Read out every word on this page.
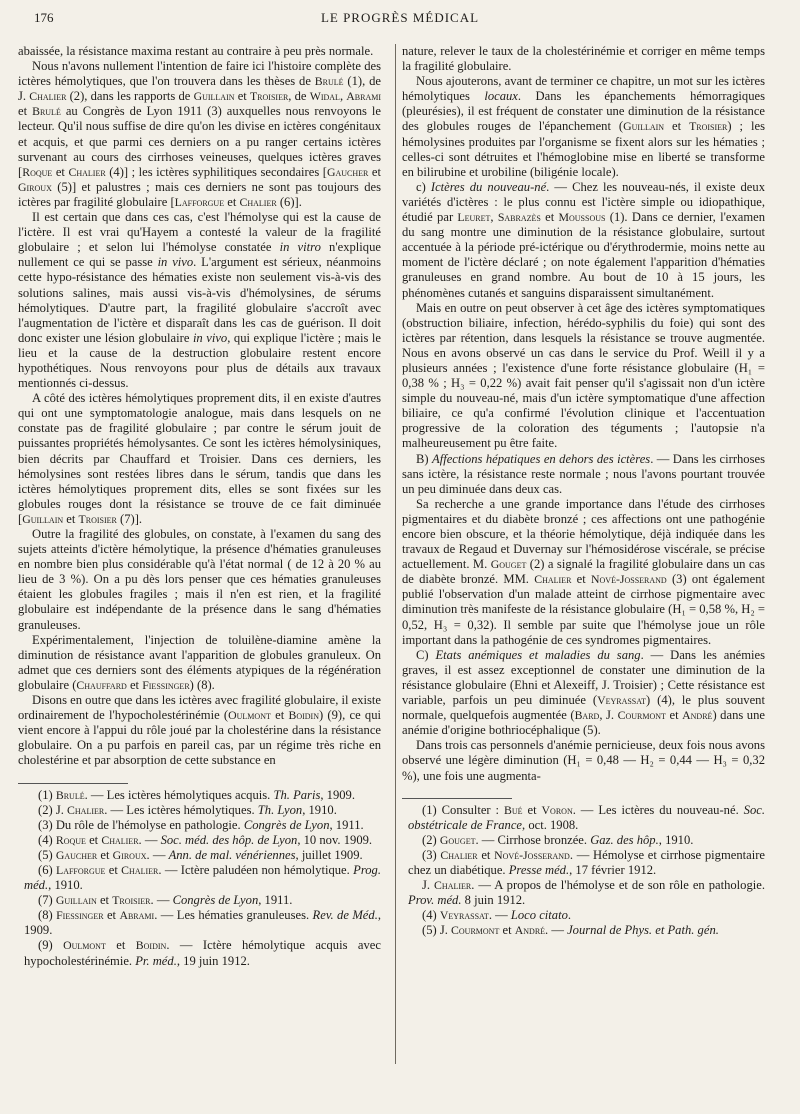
176	LE PROGRÈS MÉDICAL

abaissée, la résistance maxima restant au contraire à peu près normale.

Nous n'avons nullement l'intention de faire ici l'histoire complète des ictères hémolytiques, que l'on trouvera dans les thèses de Brulé (1), de J. Chalier (2), dans les rapports de Guillain et Troisier, de Widal, Abrami et Brulé au Congrès de Lyon 1911 (3) auxquelles nous renvoyons le lecteur. Qu'il nous suffise de dire qu'on les divise en ictères congénitaux et acquis, et que parmi ces derniers on a pu ranger certains ictères survenant au cours des cirrhoses veineuses, quelques ictères graves [Roque et Chalier (4)] ; les ictères syphilitiques secondaires [Gaucher et Giroux (5)] et palustres ; mais ces derniers ne sont pas toujours des ictères par fragilité globulaire [Lafforgue et Chalier (6)].

Il est certain que dans ces cas, c'est l'hémolyse qui est la cause de l'ictère. Il est vrai qu'Hayem a contesté la valeur de la fragilité globulaire ; et selon lui l'hémolyse constatée in vitro n'explique nullement ce qui se passe in vivo. L'argument est sérieux, néanmoins cette hypo-résistance des hématies existe non seulement vis-à-vis des solutions salines, mais aussi vis-à-vis d'hémolysines, de sérums hémolytiques. D'autre part, la fragilité globulaire s'accroît avec l'augmentation de l'ictère et disparaît dans les cas de guérison. Il doit donc exister une lésion globulaire in vivo, qui explique l'ictère ; mais le lieu et la cause de la destruction globulaire restent encore hypothétiques. Nous renvoyons pour plus de détails aux travaux mentionnés ci-dessus.

A côté des ictères hémolytiques proprement dits, il en existe d'autres qui ont une symptomatologie analogue, mais dans lesquels on ne constate pas de fragilité globulaire ; par contre le sérum jouit de puissantes propriétés hémolysantes. Ce sont les ictères hémolysiniques, bien décrits par Chauffard et Troisier. Dans ces derniers, les hémolysines sont restées libres dans le sérum, tandis que dans les ictères hémolytiques proprement dits, elles se sont fixées sur les globules rouges dont la résistance se trouve de ce fait diminuée [Guillain et Troisier (7)].

Outre la fragilité des globules, on constate, à l'examen du sang des sujets atteints d'ictère hémolytique, la présence d'hématies granuleuses en nombre bien plus considérable qu'à l'état normal ( de 12 à 20 % au lieu de 3 %). On a pu dès lors penser que ces hématies granuleuses étaient les globules fragiles ; mais il n'en est rien, et la fragilité globulaire est indépendante de la présence dans le sang d'hématies granuleuses.

Expérimentalement, l'injection de toluilène-diamine amène la diminution de résistance avant l'apparition de globules granuleux. On admet que ces derniers sont des éléments atypiques de la régénération globulaire (Chauffard et Fiessinger) (8).

Disons en outre que dans les ictères avec fragilité globulaire, il existe ordinairement de l'hypocholestérinémie (Oulmont et Boidin) (9), ce qui vient encore à l'appui du rôle joué par la cholestérine dans la résistance globulaire. On a pu parfois en pareil cas, par un régime très riche en cholestérine et par absorption de cette substance en

(1) Brulé. — Les ictères hémolytiques acquis. Th. Paris, 1909.

(2) J. Chalier. — Les ictères hémolytiques. Th. Lyon, 1910.

(3) Du rôle de l'hémolyse en pathologie. Congrès de Lyon, 1911.

(4) Roque et Chalier. — Soc. méd. des hôp. de Lyon, 10 nov. 1909.

(5) Gaucher et Giroux. — Ann. de mal. vénériennes, juillet 1909.

(6) Lafforgue et Chalier. — Ictère paludéen non hémolytique. Prog. méd., 1910.

(7) Guillain et Troisier. — Congrès de Lyon, 1911.

(8) Fiessinger et Abrami. — Les hématies granuleuses. Rev. de Méd., 1909.

(9) Oulmont et Boidin. — Ictère hémolytique acquis avec hypocholestérinémie. Pr. méd., 19 juin 1912.

nature, relever le taux de la cholestérinémie et corriger en même temps la fragilité globulaire.

Nous ajouterons, avant de terminer ce chapitre, un mot sur les ictères hémolytiques locaux. Dans les épanchements hémorragiques (pleurésies), il est fréquent de constater une diminution de la résistance des globules rouges de l'épanchement (Guillain et Troisier) ; les hémolysines produites par l'organisme se fixent alors sur les hématies ; celles-ci sont détruites et l'hémoglobine mise en liberté se transforme en bilirubine et urobiline (biligénie locale).

c) Ictères du nouveau-né. — Chez les nouveau-nés, il existe deux variétés d'ictères : le plus connu est l'ictère simple ou idiopathique, étudié par Leuret, Sabrazès et Moussous (1). Dans ce dernier, l'examen du sang montre une diminution de la résistance globulaire, surtout accentuée à la période pré-ictérique ou d'érythrodermie, moins nette au moment de l'ictère déclaré ; on note également l'apparition d'hématies granuleuses en grand nombre. Au bout de 10 à 15 jours, les phénomènes cutanés et sanguins disparaissent simultanément.

Mais en outre on peut observer à cet âge des ictères symptomatiques (obstruction biliaire, infection, hérédo-syphilis du foie) qui sont des ictères par rétention, dans lesquels la résistance se trouve augmentée. Nous en avons observé un cas dans le service du Prof. Weill il y a plusieurs années ; l'existence d'une forte résistance globulaire (H₁ = 0,38 % ; H₃ = 0,22 %) avait fait penser qu'il s'agissait non d'un ictère simple du nouveau-né, mais d'un ictère symptomatique d'une affection biliaire, ce qu'a confirmé l'évolution clinique et l'accentuation progressive de la coloration des téguments ; l'autopsie n'a malheureusement pu être faite.

B) Affections hépatiques en dehors des ictères. — Dans les cirrhoses sans ictère, la résistance reste normale ; nous l'avons pourtant trouvée un peu diminuée dans deux cas.

Sa recherche a une grande importance dans l'étude des cirrhoses pigmentaires et du diabète bronzé ; ces affections ont une pathogénie encore bien obscure, et la théorie hémolytique, déjà indiquée dans les travaux de Regaud et Duvernay sur l'hémosidérose viscérale, se précise actuellement. M. Gouget (2) a signalé la fragilité globulaire dans un cas de diabète bronzé. MM. Chalier et Nové-Josserand (3) ont également publié l'observation d'un malade atteint de cirrhose pigmentaire avec diminution très manifeste de la résistance globulaire (H₁ = 0,58 %, H₂ = 0,52, H₃ = 0,32). Il semble par suite que l'hémolyse joue un rôle important dans la pathogénie de ces syndromes pigmentaires.

C) Etats anémiques et maladies du sang. — Dans les anémies graves, il est assez exceptionnel de constater une diminution de la résistance globulaire (Ehni et Alexeiff, J. Troisier) ; Cette résistance est variable, parfois un peu diminuée (Veyrassat) (4), le plus souvent normale, quelquefois augmentée (Bard, J. Courmont et André) dans une anémie d'origine bothriocéphalique (5).

Dans trois cas personnels d'anémie pernicieuse, deux fois nous avons observé une légère diminution (H₁ = 0,48 — H₂ = 0,44 — H₃ = 0,32 %), une fois une augmenta-

(1) Consulter : Bué et Voron. — Les ictères du nouveau-né. Soc. obstétricale de France, oct. 1908.

(2) Gouget. — Cirrhose bronzée. Gaz. des hôp., 1910.

(3) Chalier et Nové-Josserand. — Hémolyse et cirrhose pigmentaire chez un diabétique. Presse méd., 17 février 1912.

J. Chalier. — A propos de l'hémolyse et de son rôle en pathologie. Prov. méd. 8 juin 1912.

(4) Veyrassat. — Loco citato.

(5) J. Courmont et André. — Journal de Phys. et Path. gén.
